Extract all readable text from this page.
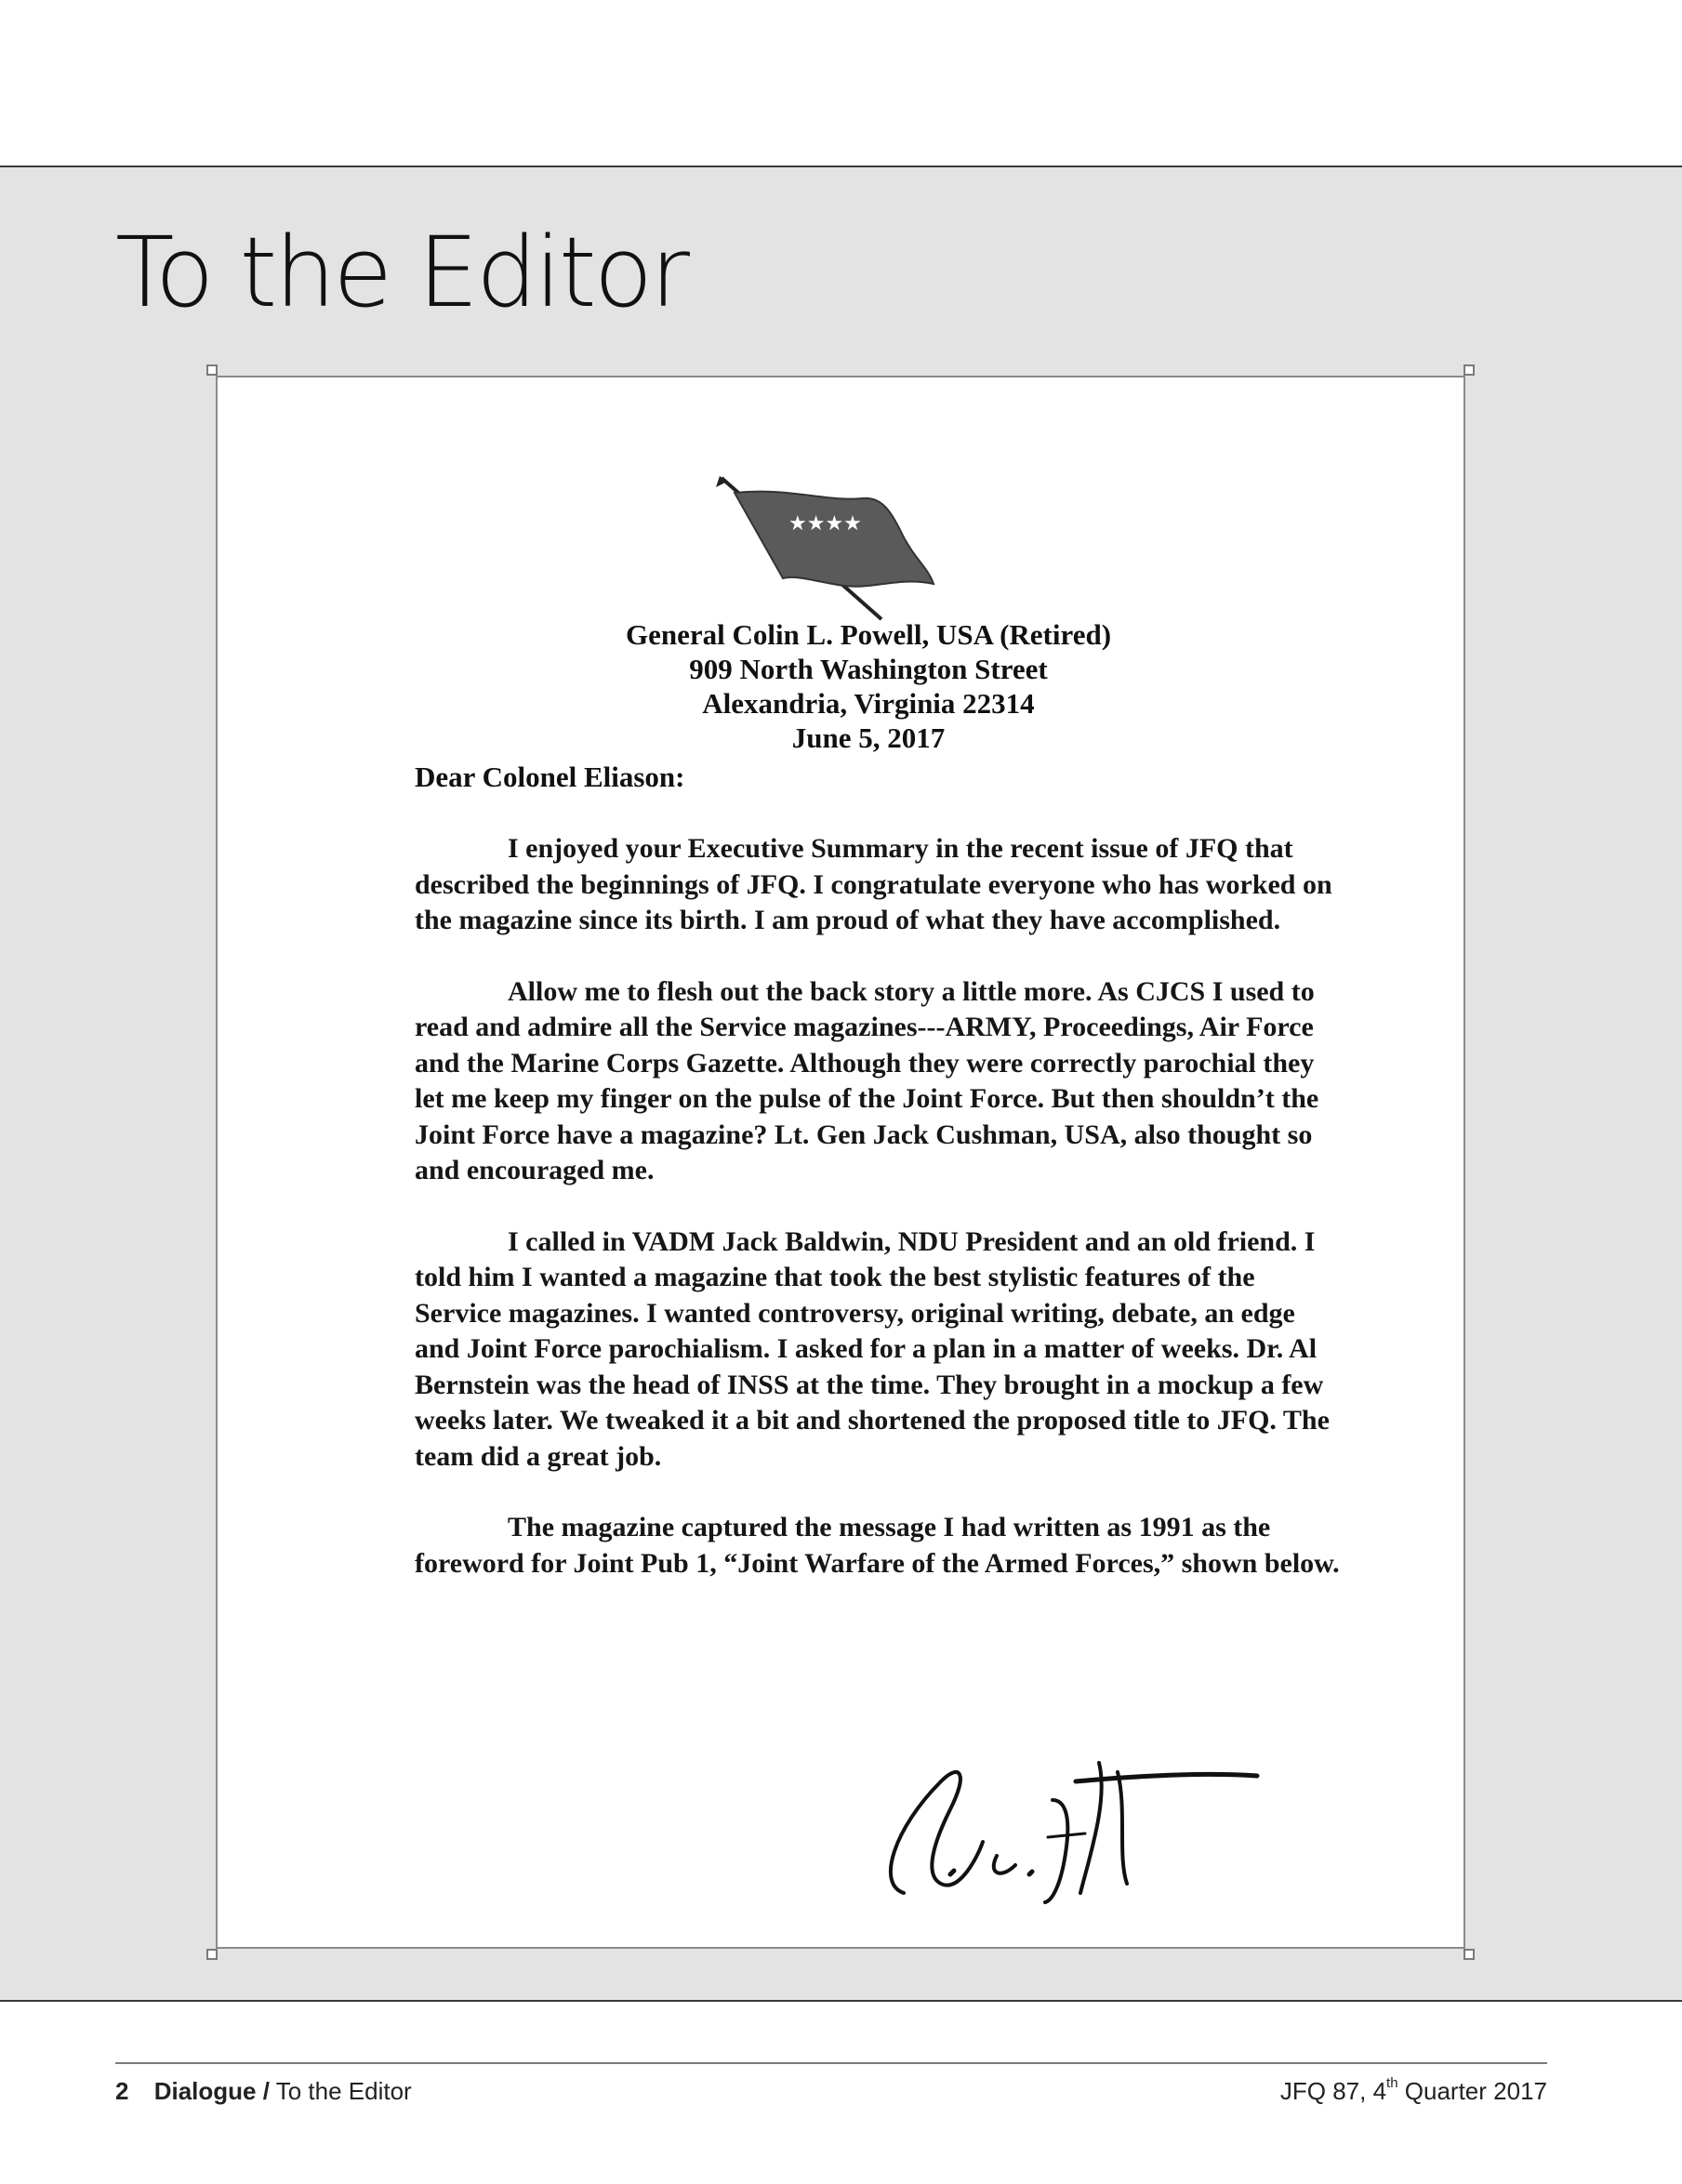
To the Editor
★★★★
General Colin L. Powell, USA (Retired)
909 North Washington Street
Alexandria, Virginia 22314
June 5, 2017
Dear Colonel Eliason:

I enjoyed your Executive Summary in the recent issue of JFQ that described the beginnings of JFQ. I congratulate everyone who has worked on the magazine since its birth. I am proud of what they have accomplished.

Allow me to flesh out the back story a little more. As CJCS I used to read and admire all the Service magazines---ARMY, Proceedings, Air Force and the Marine Corps Gazette. Although they were correctly parochial they let me keep my finger on the pulse of the Joint Force. But then shouldn’t the Joint Force have a magazine? Lt. Gen Jack Cushman, USA, also thought so and encouraged me.

I called in VADM Jack Baldwin, NDU President and an old friend. I told him I wanted a magazine that took the best stylistic features of the Service magazines. I wanted controversy, original writing, debate, an edge and Joint Force parochialism. I asked for a plan in a matter of weeks. Dr. Al Bernstein was the head of INSS at the time. They brought in a mockup a few weeks later. We tweaked it a bit and shortened the proposed title to JFQ. The team did a great job.

The magazine captured the message I had written as 1991 as the foreword for Joint Pub 1, “Joint Warfare of the Armed Forces,” shown below.

2 Dialogue / To the Editor	JFQ 87, 4th Quarter 2017
